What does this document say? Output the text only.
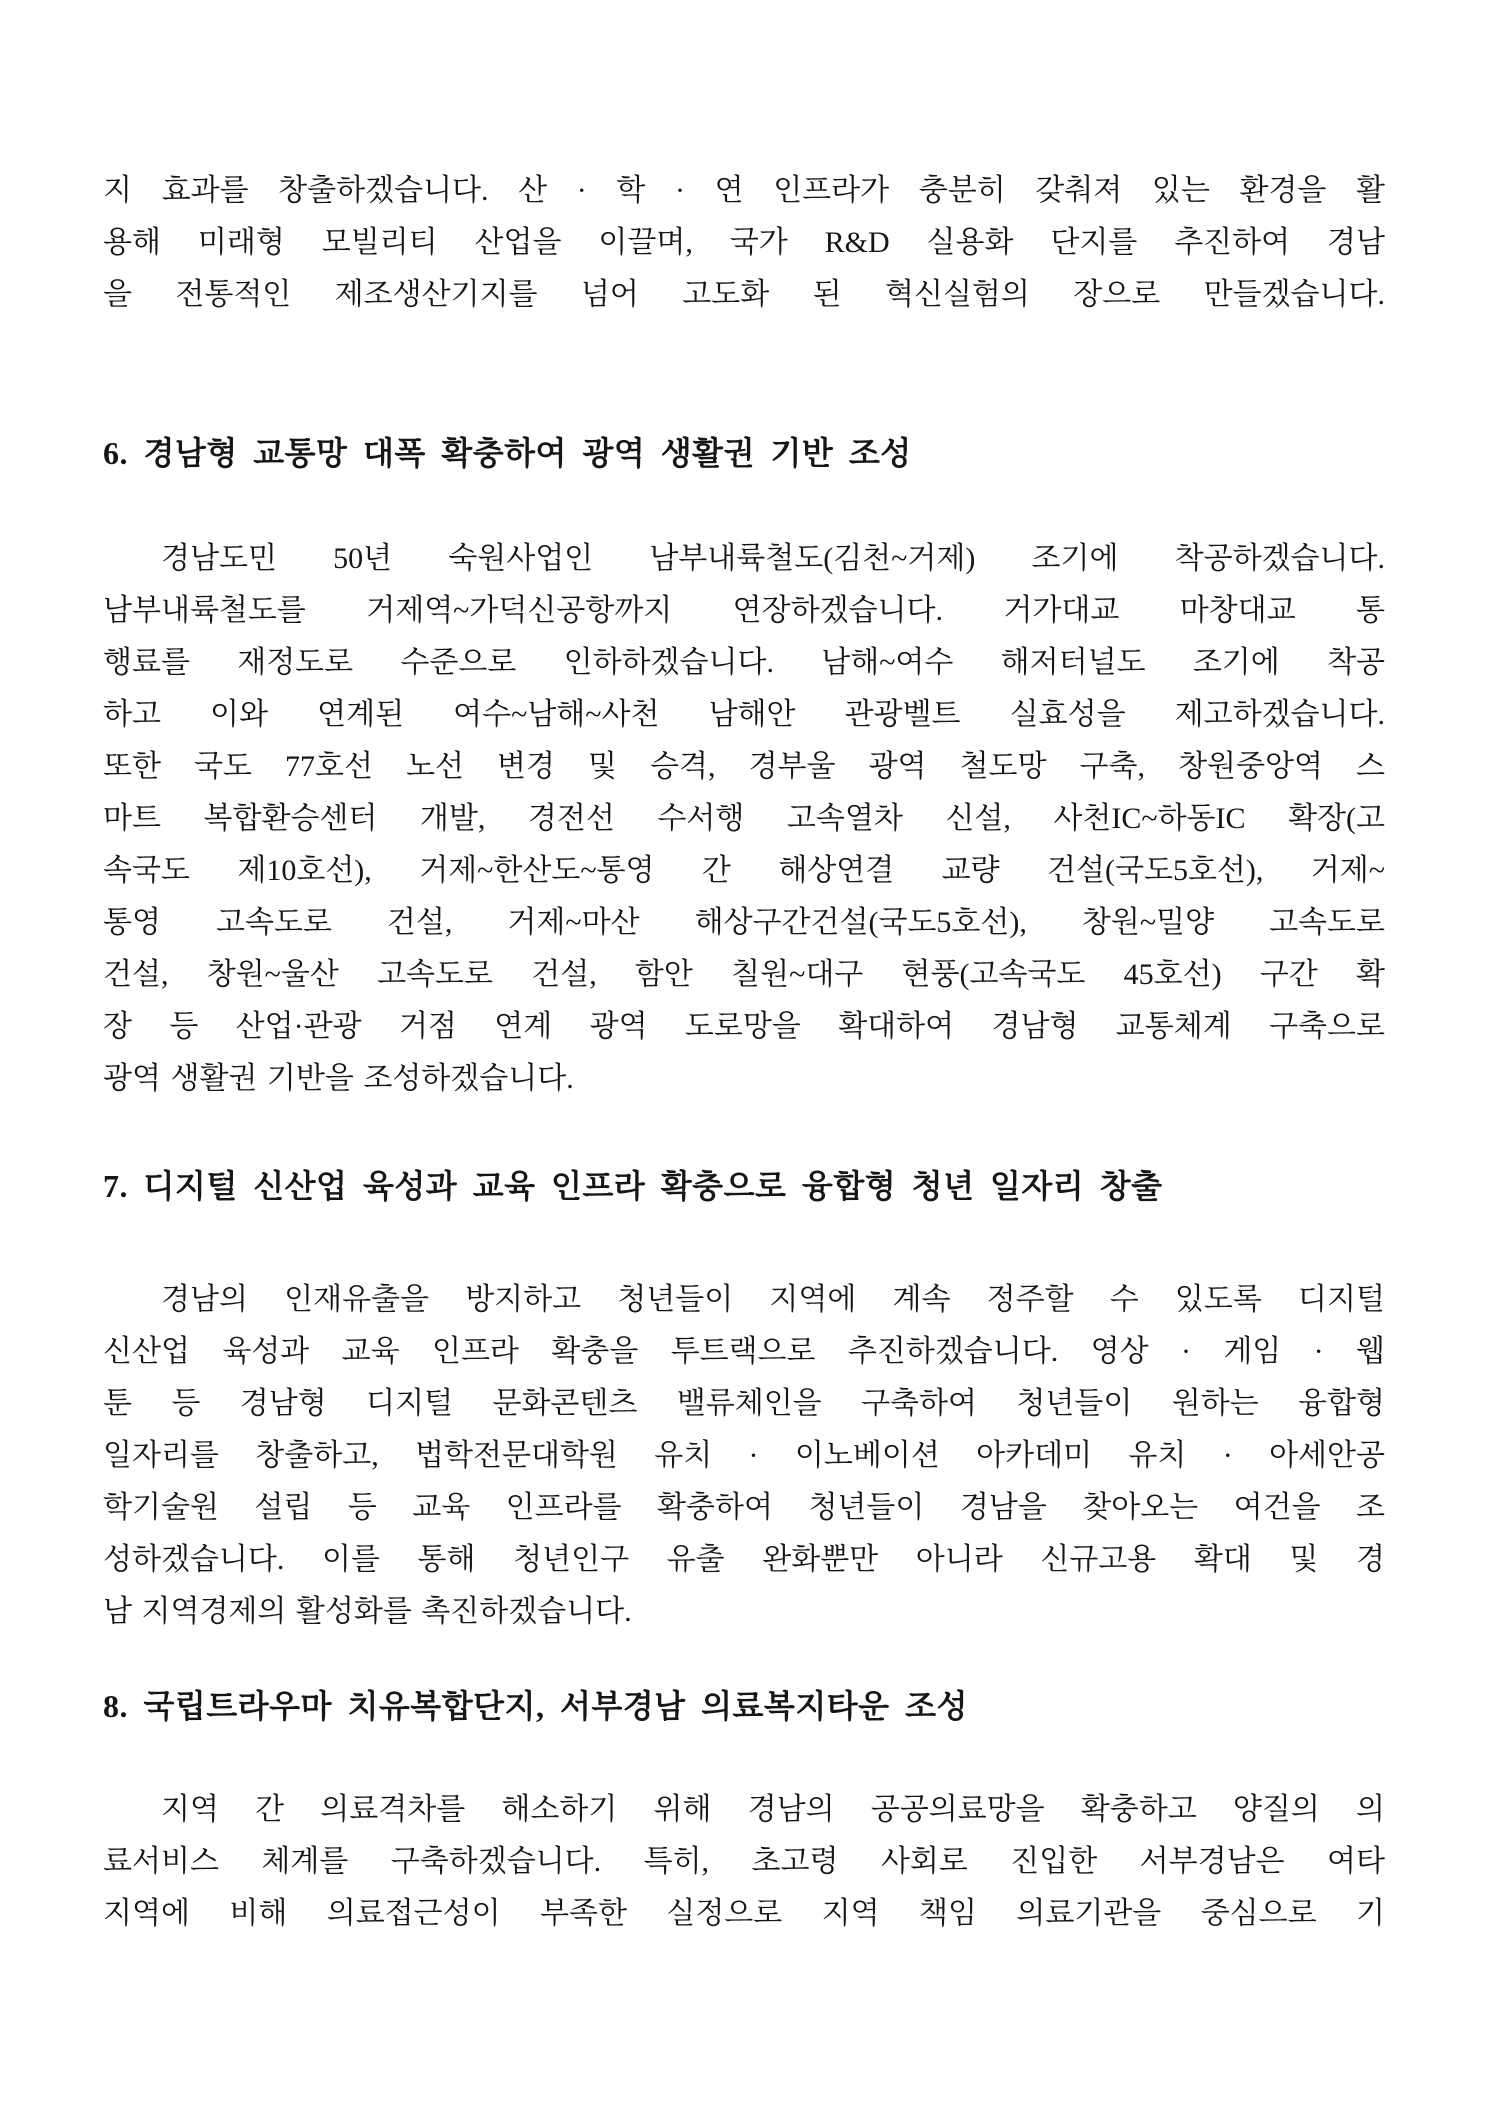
지 효과를 창출하겠습니다. 산 · 학 · 연 인프라가 충분히 갖춰져 있는 환경을 활
용해 미래형 모빌리티 산업을 이끌며, 국가 R&D 실용화 단지를 추진하여 경남
을 전통적인 제조생산기지를 넘어 고도화 된 혁신실험의 장으로 만들겠습니다.
6. 경남형 교통망 대폭 확충하여 광역 생활권 기반 조성
경남도민 50년 숙원사업인 남부내륙철도(김천~거제) 조기에 착공하겠습니다.
남부내륙철도를 거제역~가덕신공항까지 연장하겠습니다. 거가대교 마창대교 통
행료를 재정도로 수준으로 인하하겠습니다. 남해~여수 해저터널도 조기에 착공
하고 이와 연계된 여수~남해~사천 남해안 관광벨트 실효성을 제고하겠습니다.
또한 국도 77호선 노선 변경 및 승격, 경부울 광역 철도망 구축, 창원중앙역 스
마트 복합환승센터 개발, 경전선 수서행 고속열차 신설, 사천IC~하동IC 확장(고
속국도 제10호선), 거제~한산도~통영 간 해상연결 교량 건설(국도5호선), 거제~
통영 고속도로 건설, 거제~마산 해상구간건설(국도5호선), 창원~밀양 고속도로
건설, 창원~울산 고속도로 건설, 함안 칠원~대구 현풍(고속국도 45호선) 구간 확
장 등 산업·관광 거점 연계 광역 도로망을 확대하여 경남형 교통체계 구축으로
광역 생활권 기반을 조성하겠습니다.
7. 디지털 신산업 육성과 교육 인프라 확충으로 융합형 청년 일자리 창출
경남의 인재유출을 방지하고 청년들이 지역에 계속 정주할 수 있도록 디지털
신산업 육성과 교육 인프라 확충을 투트랙으로 추진하겠습니다. 영상 · 게임 · 웹
툰 등 경남형 디지털 문화콘텐츠 밸류체인을 구축하여 청년들이 원하는 융합형
일자리를 창출하고, 법학전문대학원 유치 · 이노베이션 아카데미 유치 · 아세안공
학기술원 설립 등 교육 인프라를 확충하여 청년들이 경남을 찾아오는 여건을 조
성하겠습니다. 이를 통해 청년인구 유출 완화뿐만 아니라 신규고용 확대 및 경
남 지역경제의 활성화를 촉진하겠습니다.
8. 국립트라우마 치유복합단지, 서부경남 의료복지타운 조성
지역 간 의료격차를 해소하기 위해 경남의 공공의료망을 확충하고 양질의 의
료서비스 체계를 구축하겠습니다. 특히, 초고령 사회로 진입한 서부경남은 여타
지역에 비해 의료접근성이 부족한 실정으로 지역 책임 의료기관을 중심으로 기
